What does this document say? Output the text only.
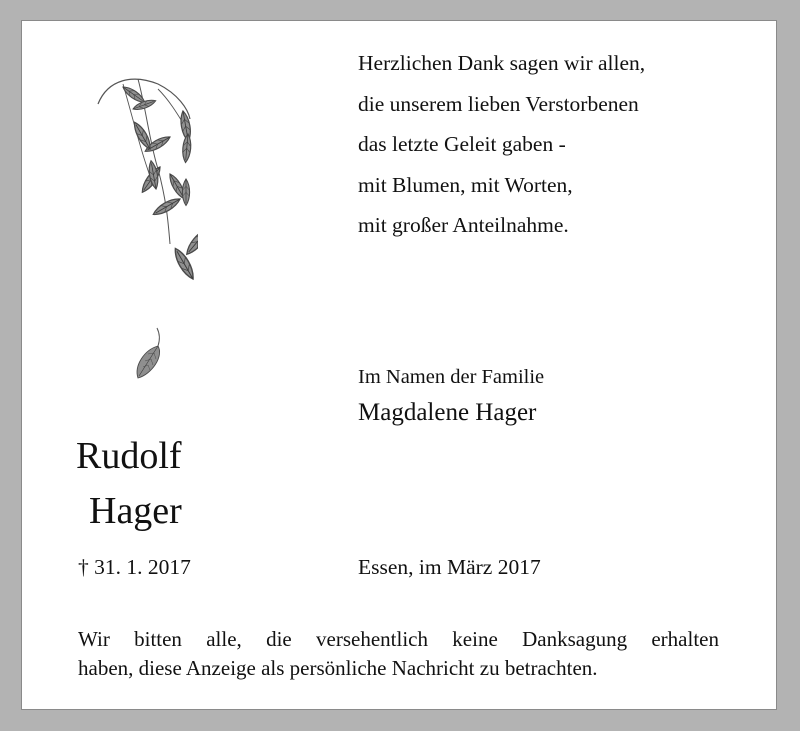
Herzlichen Dank sagen wir allen,
die unserem lieben Verstorbenen
das letzte Geleit gaben -
mit Blumen, mit Worten,
mit großer Anteilnahme.
Im Namen der Familie
Magdalene Hager
Rudolf
Hager
† 31. 1. 2017	Essen, im März 2017

Wir bitten alle, die versehentlich keine Danksagung erhalten

haben, diese Anzeige als persönliche Nachricht zu betrachten.
